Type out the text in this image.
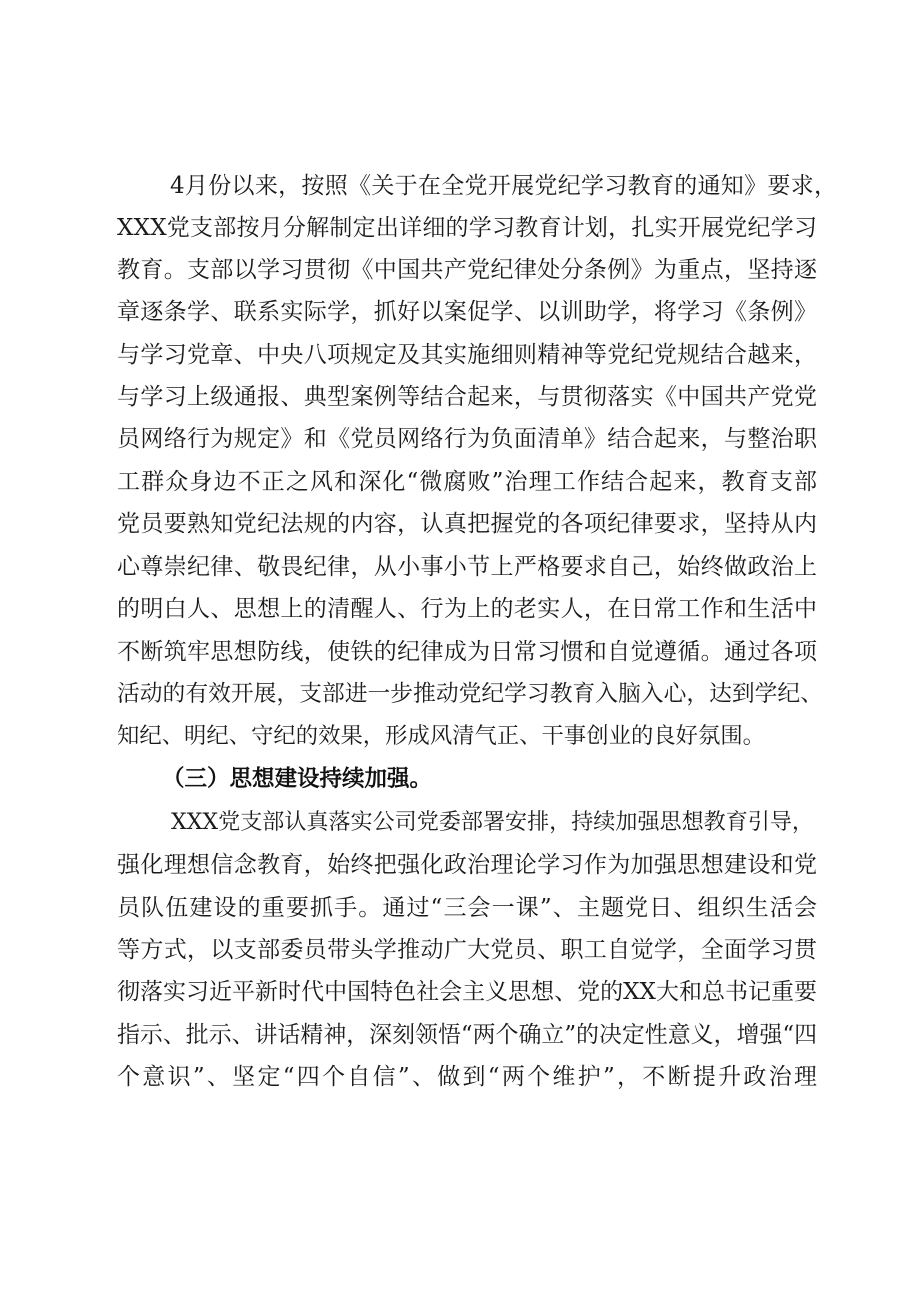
4月份以来，按照《关于在全党开展党纪学习教育的通知》要求，
XXX党支部按月分解制定出详细的学习教育计划，扎实开展党纪学习
教育。支部以学习贯彻《中国共产党纪律处分条例》为重点，坚持逐
章逐条学、联系实际学，抓好以案促学、以训助学，将学习《条例》
与学习党章、中央八项规定及其实施细则精神等党纪党规结合越来，
与学习上级通报、典型案例等结合起来，与贯彻落实《中国共产党党
员网络行为规定》和《党员网络行为负面清单》结合起来，与整治职
工群众身边不正之风和深化“微腐败”治理工作结合起来，教育支部
党员要熟知党纪法规的内容，认真把握党的各项纪律要求，坚持从内
心尊崇纪律、敬畏纪律，从小事小节上严格要求自己，始终做政治上
的明白人、思想上的清醒人、行为上的老实人，在日常工作和生活中
不断筑牢思想防线，使铁的纪律成为日常习惯和自觉遵循。通过各项
活动的有效开展，支部进一步推动党纪学习教育入脑入心，达到学纪、
知纪、明纪、守纪的效果，形成风清气正、干事创业的良好氛围。
（三）思想建设持续加强。
XXX党支部认真落实公司党委部署安排，持续加强思想教育引导，
强化理想信念教育，始终把强化政治理论学习作为加强思想建设和党
员队伍建设的重要抓手。通过“三会一课”、主题党日、组织生活会
等方式，以支部委员带头学推动广大党员、职工自觉学，全面学习贯
彻落实习近平新时代中国特色社会主义思想、党的XX大和总书记重要
指示、批示、讲话精神，深刻领悟“两个确立”的决定性意义，增强“四
个意识”、坚定“四个自信”、做到“两个维护”，不断提升政治理
